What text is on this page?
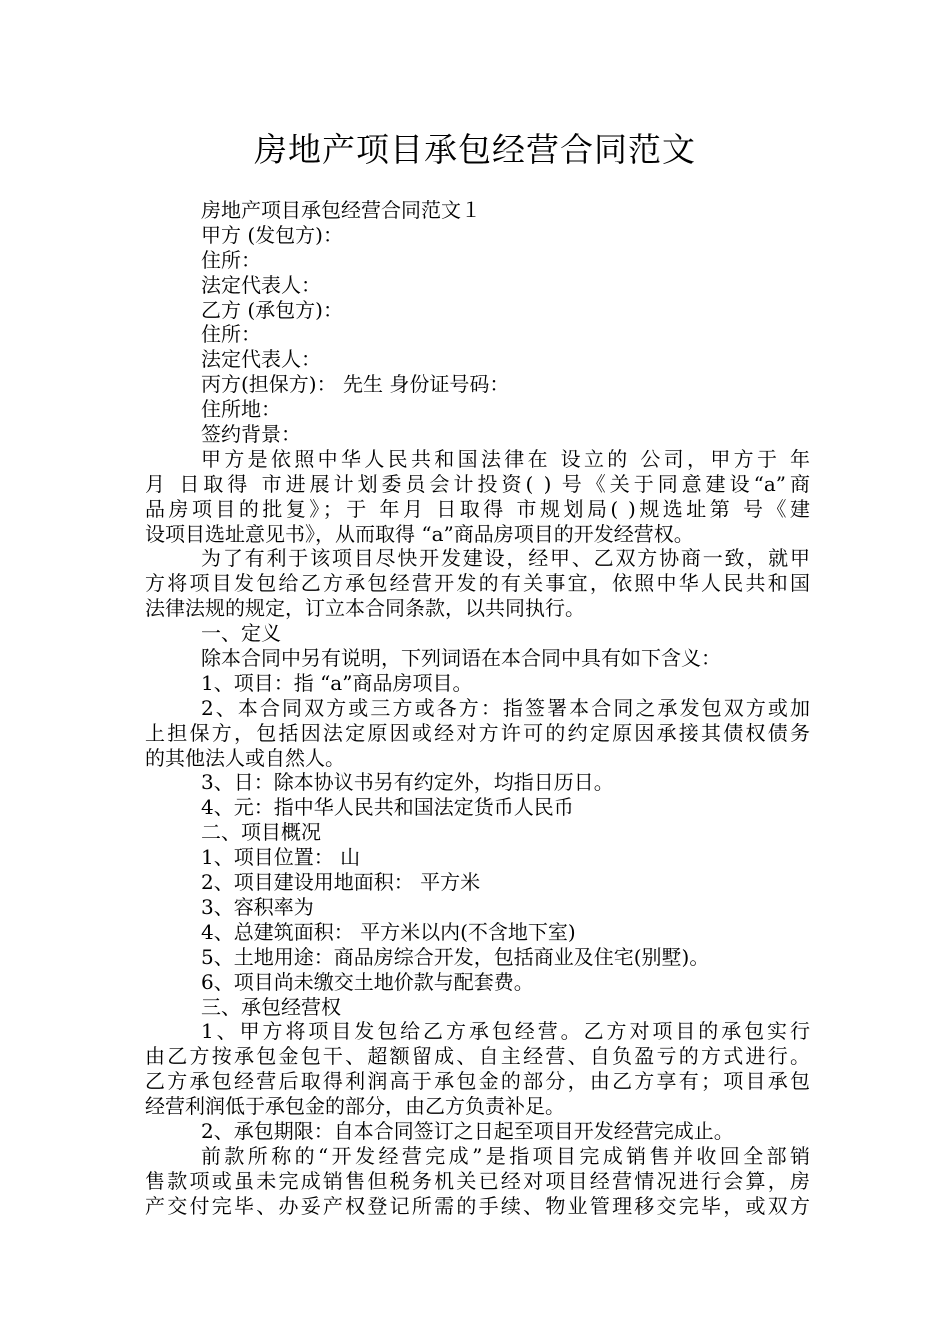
房地产项目承包经营合同范文
房地产项目承包经营合同范文１
甲方 (发包方)：
住所：
法定代表人：
乙方 (承包方)：
住所：
法定代表人：
丙方(担保方)： 先生 身份证号码：
住所地：
签约背景：
甲方是依照中华人民共和国法律在 设立的 公司，甲方于 年
月 日取得 市进展计划委员会计投资( ) 号《关于同意建设“a”商
品房项目的批复》；于 年月 日取得 市规划局( )规选址第 号《建
设项目选址意见书》，从而取得 “a”商品房项目的开发经营权。
为了有利于该项目尽快开发建设，经甲、乙双方协商一致，就甲
方将项目发包给乙方承包经营开发的有关事宜，依照中华人民共和国
法律法规的规定，订立本合同条款，以共同执行。
一、定义
除本合同中另有说明，下列词语在本合同中具有如下含义：
1、项目：指 “a”商品房项目。
2、本合同双方或三方或各方：指签署本合同之承发包双方或加
上担保方，包括因法定原因或经对方许可的约定原因承接其债权债务
的其他法人或自然人。
3、日：除本协议书另有约定外，均指日历日。
4、元：指中华人民共和国法定货币人民币
二、项目概况
1、项目位置： 山
2、项目建设用地面积： 平方米
3、容积率为
4、总建筑面积： 平方米以内(不含地下室)
5、土地用途：商品房综合开发，包括商业及住宅(别墅)。
6、项目尚未缴交土地价款与配套费。
三、承包经营权
1、甲方将项目发包给乙方承包经营。乙方对项目的承包实行
由乙方按承包金包干、超额留成、自主经营、自负盈亏的方式进行。
乙方承包经营后取得利润高于承包金的部分，由乙方享有；项目承包
经营利润低于承包金的部分，由乙方负责补足。
2、承包期限：自本合同签订之日起至项目开发经营完成止。
前款所称的“开发经营完成”是指项目完成销售并收回全部销
售款项或虽未完成销售但税务机关已经对项目经营情况进行会算，房
产交付完毕、办妥产权登记所需的手续、物业管理移交完毕，或双方
